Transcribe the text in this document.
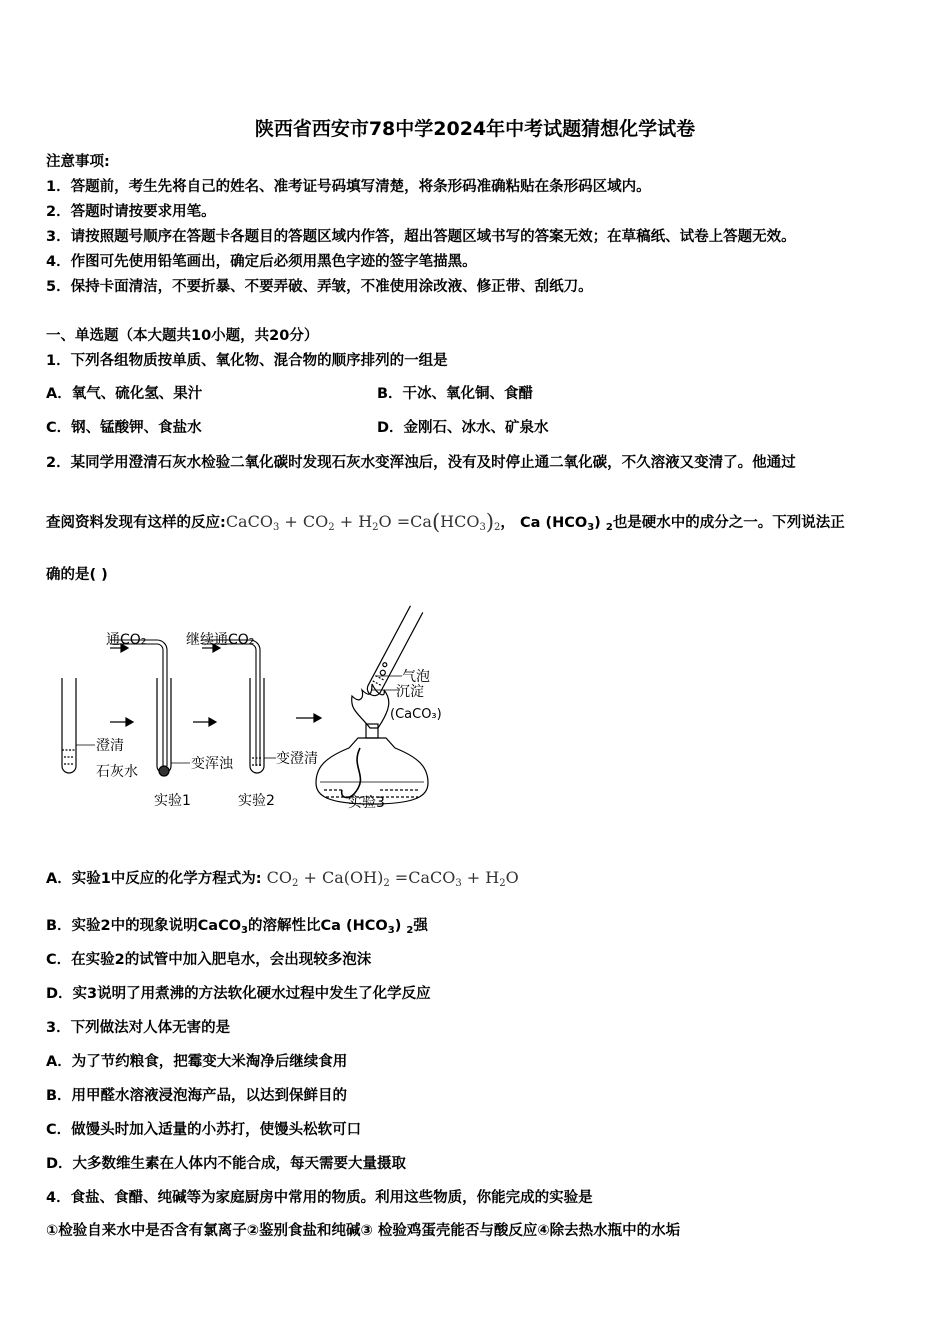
陕西省西安市78中学2024年中考试题猜想化学试卷
注意事项:
1．答题前，考生先将自己的姓名、准考证号码填写清楚，将条形码准确粘贴在条形码区域内。
2．答题时请按要求用笔。
3．请按照题号顺序在答题卡各题目的答题区域内作答，超出答题区域书写的答案无效；在草稿纸、试卷上答题无效。
4．作图可先使用铅笔画出，确定后必须用黑色字迹的签字笔描黑。
5．保持卡面清洁，不要折暴、不要弄破、弄皱，不准使用涂改液、修正带、刮纸刀。
一、单选题（本大题共10小题，共20分）
1．下列各组物质按单质、氧化物、混合物的顺序排列的一组是
A．氧气、硫化氢、果汁	B．干冰、氧化铜、食醋
C．钢、锰酸钾、食盐水	D．金刚石、冰水、矿泉水
2．某同学用澄清石灰水检验二氧化碳时发现石灰水变浑浊后，没有及时停止通二氧化碳，不久溶液又变清了。他通过
查阅资料发现有这样的反应:CaCO$_3$ + $CO_2 + H_2O =Ca(HCO_3)_2$， Ca $(HCO_3)$ $_2$也是硬水中的成分之一。下列说法正
确的是( )
通CO₂	继续通CO₂
澄清
石灰水	变浑浊	变澄清
气泡
沉淀
(CaCO₃)
实验1	实验2	实验3
A．实验1中反应的化学方程式为: $CO_2 + Ca(OH)_2$ =CaCO$_3$ + $H_2O$
B．实验2中的现象说明CaCO$_3$的溶解性比Ca $(HCO_3)$ $_2$强
C．在实验2的试管中加入肥皂水，会出现较多泡沫
D．实3说明了用煮沸的方法软化硬水过程中发生了化学反应
3．下列做法对人体无害的是
A．为了节约粮食，把霉变大米淘净后继续食用
B．用甲醛水溶液浸泡海产品，以达到保鲜目的
C．做馒头时加入适量的小苏打，使馒头松软可口
D．大多数维生素在人体内不能合成，每天需要大量摄取
4．食盐、食醋、纯碱等为家庭厨房中常用的物质。利用这些物质，你能完成的实验是
①检验自来水中是否含有氯离子②鉴别食盐和纯碱③ 检验鸡蛋壳能否与酸反应④除去热水瓶中的水垢
